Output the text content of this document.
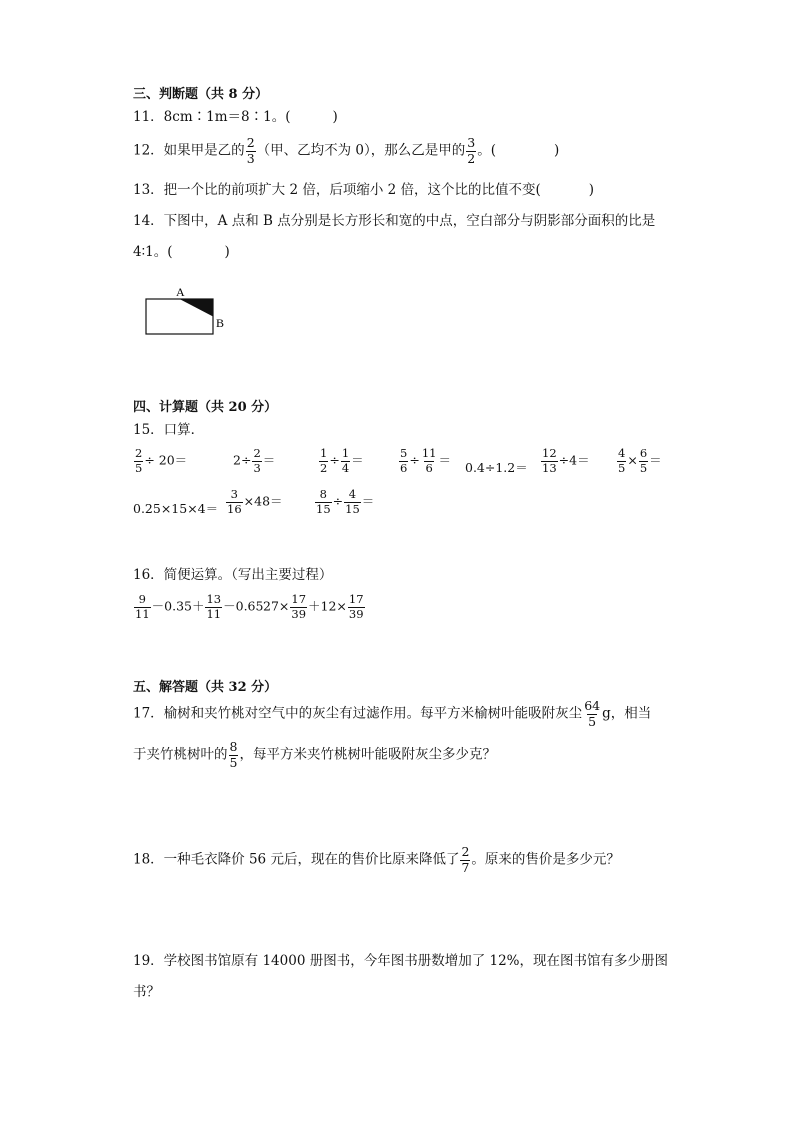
三、判断题（共 8 分）
11．8cm∶1m＝8∶1。(	)
12．如果甲是乙的 $\frac{2}{3}$ （甲、乙均不为 0），那么乙是甲的 $\frac{3}{2}$ 。(	)
13．把一个比的前项扩大 2 倍，后项缩小 2 倍，这个比的比值不变(	)
14．下图中，A 点和 B 点分别是长方形长和宽的中点，空白部分与阴影部分面积的比是
4∶1。(	)
A
B
四、计算题（共 20 分）
15．口算．
$\frac{2}{5} \div 20=$	$2\div \frac{2}{3}$ ＝	$\frac{1}{2} \div \frac{1}{4}$ ＝	$\frac{5}{6} \div \frac{11}{6} = 0.4\div 1.2= \frac{12}{13} \div 4= \frac{4}{5} \times \frac{6}{5}$ ＝
$0.25\times 15\times 4= \frac{3}{16} \times 48=$	$\frac{8}{15} \div \frac{4}{15}$ ＝
16．简便运算。（写出主要过程）
$\frac{9}{11} -0.35+ \frac{13}{11} -0.65$ $27\times \frac{17}{39} +12\times \frac{17}{39}$
五、解答题（共 32 分）
17．榆树和夹竹桃对空气中的灰尘有过滤作用。每平方米榆树叶能吸附灰尘 $\frac{64}{5}$ g，相当
于夹竹桃树叶的 $\frac{8}{5}$ ，每平方米夹竹桃树叶能吸附灰尘多少克？
18．一种毛衣降价 56 元后，现在的售价比原来降低了 $\frac{2}{7}$ 。原来的售价是多少元？
19．学校图书馆原有 14000 册图书，今年图书册数增加了 12%，现在图书馆有多少册图
书？
